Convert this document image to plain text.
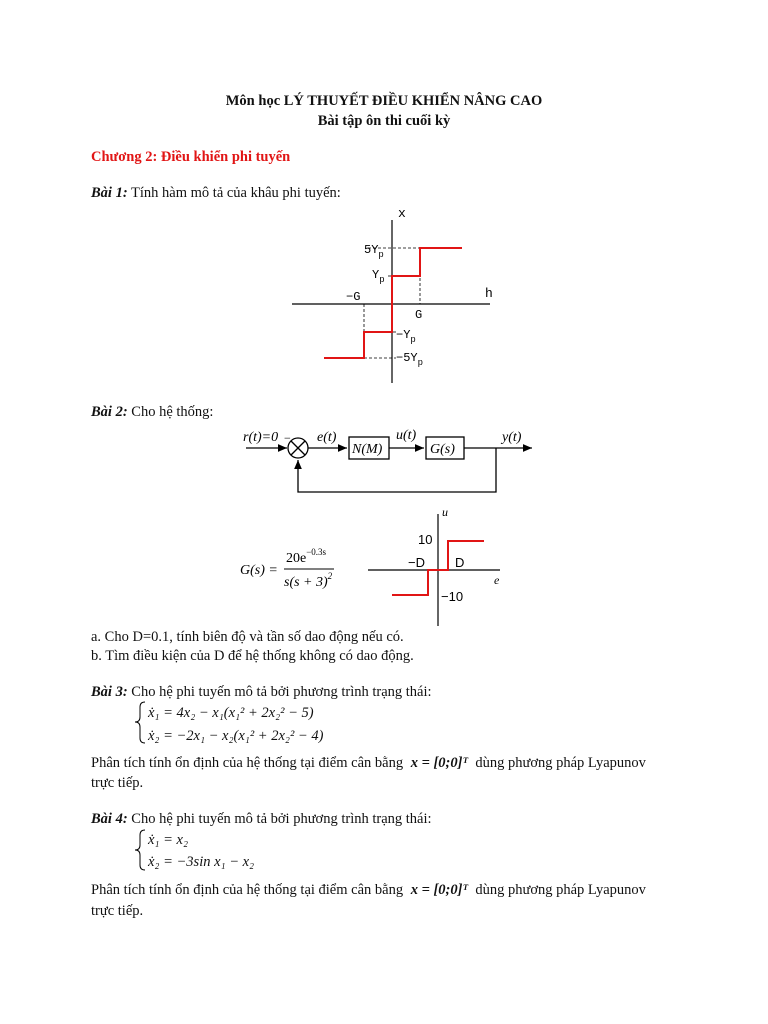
Môn học LÝ THUYẾT ĐIỀU KHIỂN NÂNG CAO

Bài tập ôn thi cuối kỳ

Chương 2: Điều khiển phi tuyến

Bài 1: Tính hàm mô tả của khâu phi tuyến:

x
h
$5Y_p$
$Y_p$
−G
G
$-Y_p$
$-5Y_p$

Bài 2: Cho hệ thống:

r(t)=0 − e(t)
N(M)
u(t)
G(s)
y(t)
G(s) =
$20e^{-0.3s}$
$s(s + 3)^2$
u
e
10
−10
−D D

a. Cho D=0.1, tính biên độ và tần số dao động nếu có.

b. Tìm điều kiện của D để hệ thống không có dao động.

Bài 3: Cho hệ phi tuyến mô tả bởi phương trình trạng thái:

ẋ₁ = 4x₂ − x₁(x₁² + 2x₂² − 5)

ẋ₂ = −2x₁ − x₂(x₁² + 2x₂² − 4)

Phân tích tính ổn định của hệ thống tại điểm cân bằng x = [0;0]ᵀ dùng phương pháp Lyapunov

trực tiếp.

Bài 4: Cho hệ phi tuyến mô tả bởi phương trình trạng thái:

ẋ₁ = x₂

ẋ₂ = −3sin x₁ − x₂

Phân tích tính ổn định của hệ thống tại điểm cân bằng x = [0;0]ᵀ dùng phương pháp Lyapunov

trực tiếp.
